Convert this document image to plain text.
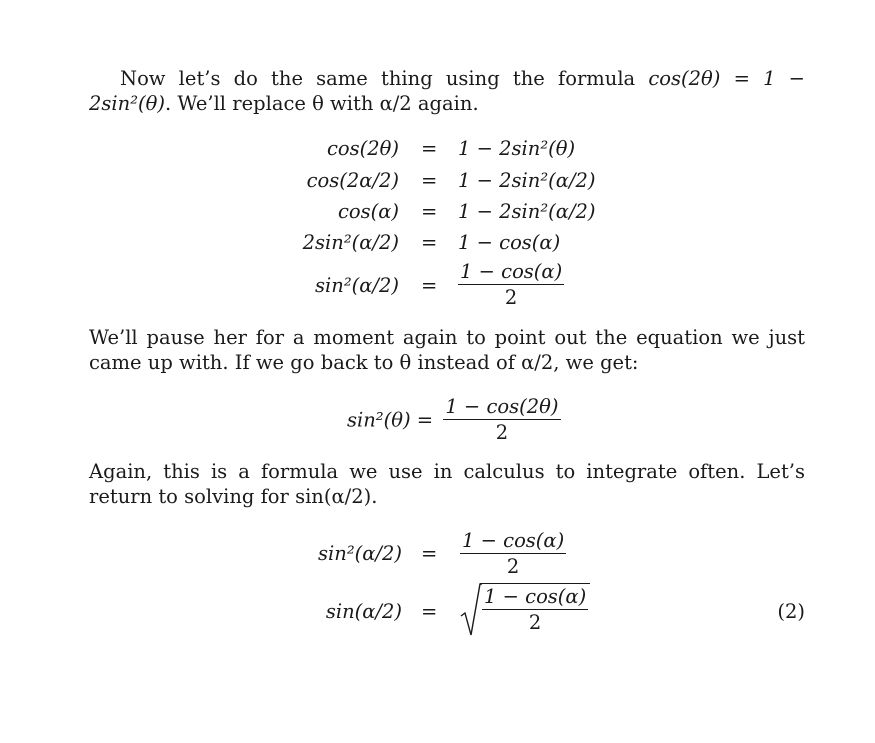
Now let’s do the same thing using the formula cos(2θ) = 1 − 2sin²(θ). We’ll replace θ with α/2 again.

cos(2θ) = 1 − 2sin²(θ)
cos(2α/2) = 1 − 2sin²(α/2)
cos(α) = 1 − 2sin²(α/2)
2sin²(α/2) = 1 − cos(α)
$\sin^2(\alpha/2) = \frac{1 - \cos(\alpha)}{2}$

We’ll pause her for a moment again to point out the equation we just came up with. If we go back to θ instead of α/2, we get:

$\sin^2(\theta) = \frac{1 - \cos(2\theta)}{2}$

Again, this is a formula we use in calculus to integrate often. Let’s return to solving for sin(α/2).

$\sin^2(\alpha/2) = \frac{1 - \cos(\alpha)}{2}$
sin(α/2) =	(2)
$\frac{1 - \cos(\alpha)}{2}$
